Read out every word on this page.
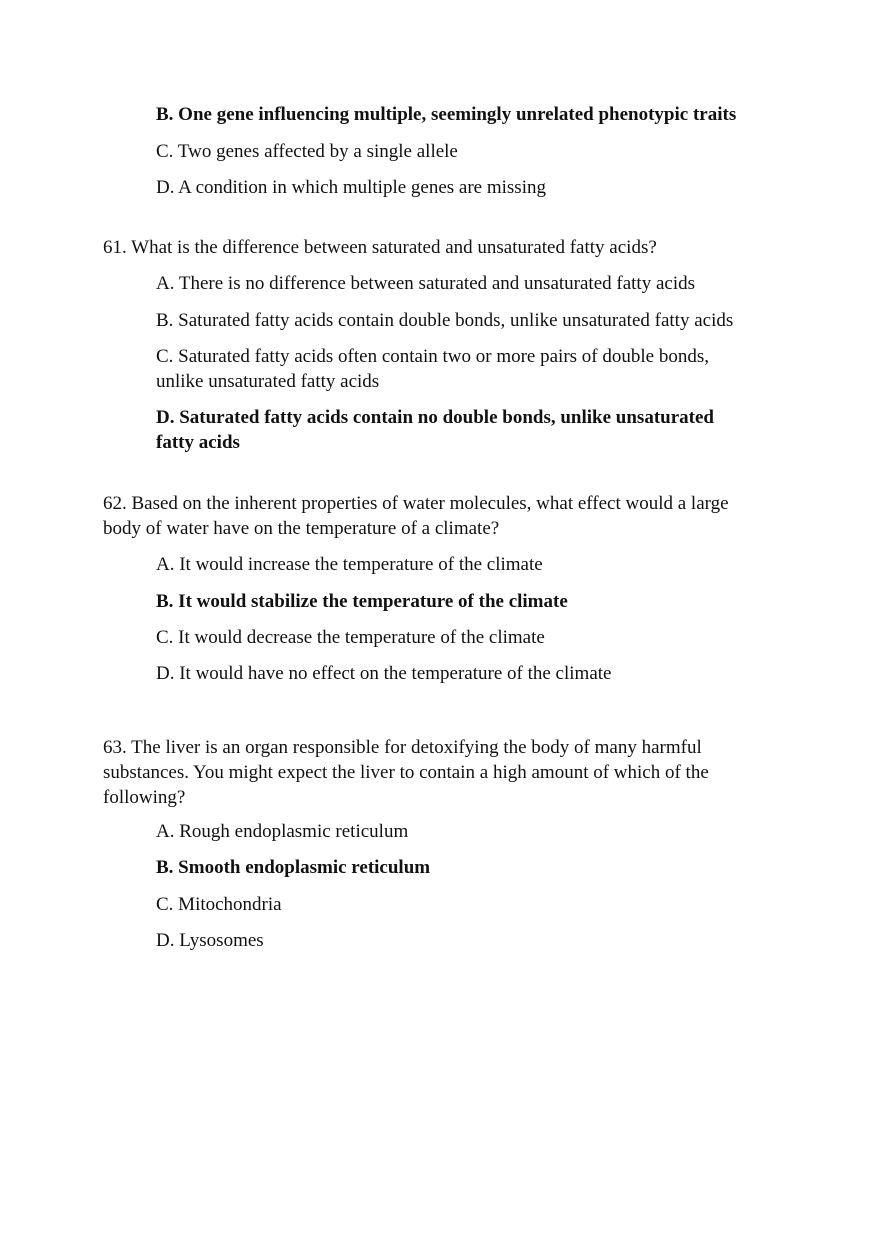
B. One gene influencing multiple, seemingly unrelated phenotypic traits
C. Two genes affected by a single allele
D. A condition in which multiple genes are missing
61. What is the difference between saturated and unsaturated fatty acids?
A. There is no difference between saturated and unsaturated fatty acids
B. Saturated fatty acids contain double bonds, unlike unsaturated fatty acids
C. Saturated fatty acids often contain two or more pairs of double bonds,
unlike unsaturated fatty acids
D. Saturated fatty acids contain no double bonds, unlike unsaturated
fatty acids
62. Based on the inherent properties of water molecules, what effect would a large
body of water have on the temperature of a climate?
A. It would increase the temperature of the climate
B. It would stabilize the temperature of the climate
C. It would decrease the temperature of the climate
D. It would have no effect on the temperature of the climate
63. The liver is an organ responsible for detoxifying the body of many harmful
substances. You might expect the liver to contain a high amount of which of the
following?
A. Rough endoplasmic reticulum
B. Smooth endoplasmic reticulum
C. Mitochondria
D. Lysosomes
